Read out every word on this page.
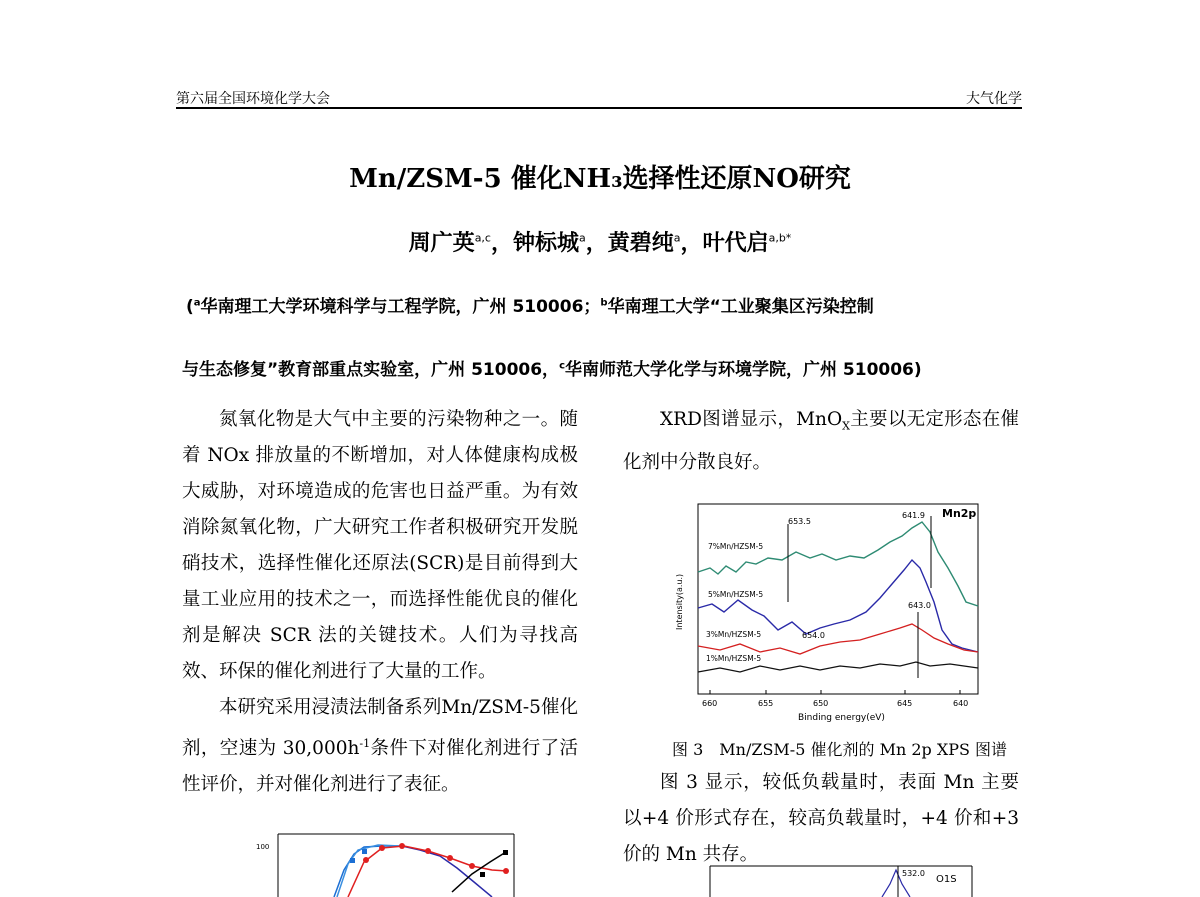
第六届全国环境化学大会	大气化学
Mn/ZSM-5 催化NH₃选择性还原NO研究
周广英$^{a,c}$，钟标城$^a$，黄碧纯$^a$，叶代启$^{a,b*}$
($^a$华南理工大学环境科学与工程学院，广州 510006；$^b$华南理工大学“工业聚集区污染控制
与生态修复”教育部重点实验室，广州 510006，$^c$华南师范大学化学与环境学院，广州 510006)

氮氧化物是大气中主要的污染物种之一。随着 NOx 排放量的不断增加，对人体健康构成极大威胁，对环境造成的危害也日益严重。为有效消除氮氧化物，广大研究工作者积极研究开发脱硝技术，选择性催化还原法(SCR)是目前得到大量工业应用的技术之一，而选择性能优良的催化剂是解决 SCR 法的关键技术。人们为寻找高效、环保的催化剂进行了大量的工作。

本研究采用浸渍法制备系列Mn/ZSM-5催化剂，空速为 $30,000h^{-1}$条件下对催化剂进行了活性评价，并对催化剂进行了表征。

100

XRD图谱显示，MnO$_X$主要以无定形态在催化剂中分散良好。

Intensity(a.u.)
Binding energy(eV)
660	655	650	645	640
Mn2p
653.5
641.9
654.0
643.0
7%Mn/HZSM-5
5%Mn/HZSM-5
3%Mn/HZSM-5
1%Mn/HZSM-5
图 3　Mn/ZSM-5 催化剂的 Mn 2p XPS 图谱

图 3 显示，较低负载量时，表面 Mn 主要以+4 价形式存在，较高负载量时，+4 价和+3 价的 Mn 共存。

532.0
O1S
